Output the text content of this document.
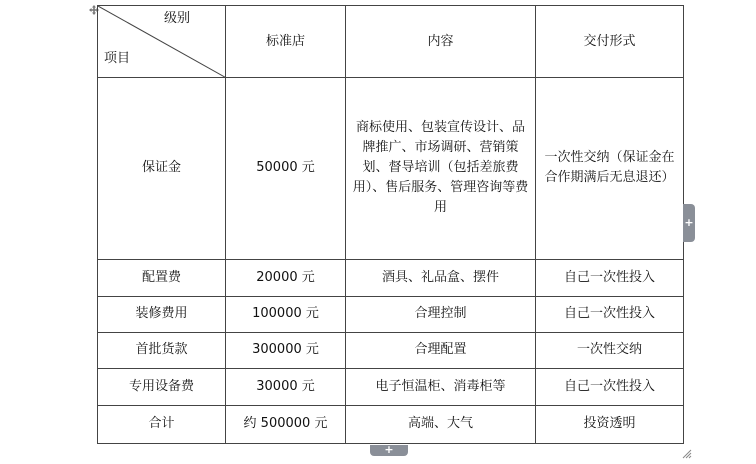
级别
项目	标准店	内容	交付形式
保证金	50000 元	商标使用、包装宣传设计、品牌推广、市场调研、营销策划、督导培训（包括差旅费用）、售后服务、管理咨询等费用	一次性交纳（保证金在合作期满后无息退还）
配置费	20000 元	酒具、礼品盒、摆件	自己一次性投入
装修费用	100000 元	合理控制	自己一次性投入
首批货款	300000 元	合理配置	一次性交纳
专用设备费	30000 元	电子恒温柜、消毒柜等	自己一次性投入
合计	约 500000 元	高端、大气	投资透明
+
+
